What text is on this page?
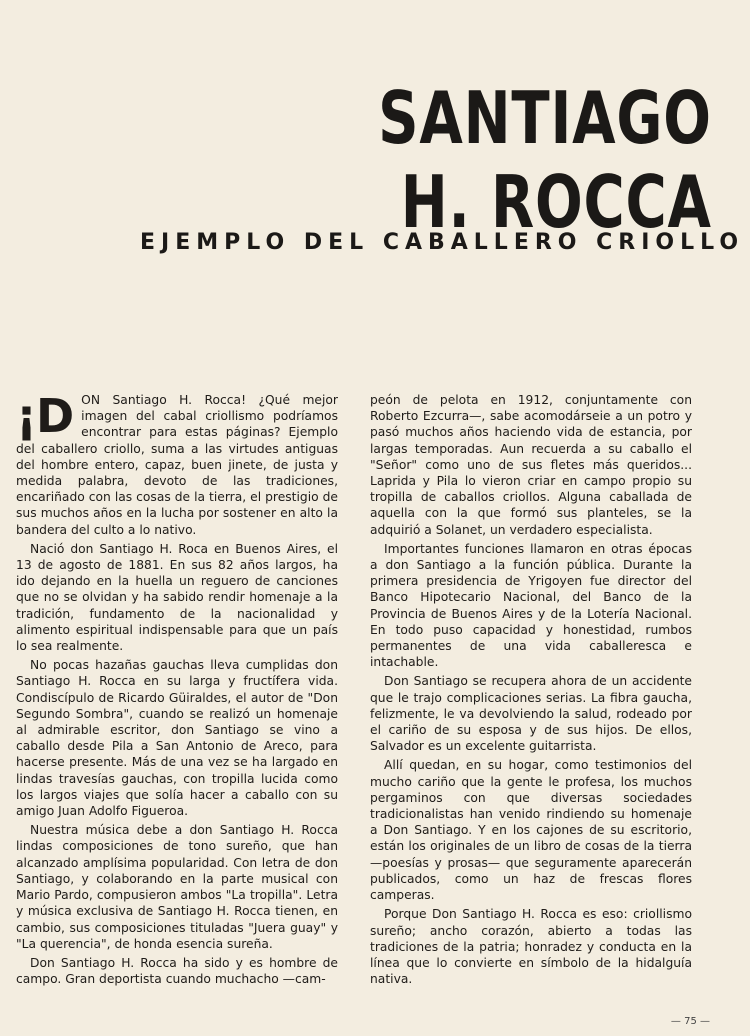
SANTIAGO
H. ROCCA
EJEMPLO DEL CABALLERO CRIOLLO
¡D ON Santiago H. Rocca! ¿Qué mejor imagen del cabal criollismo podríamos encontrar para estas páginas? Ejemplo del caballero criollo, suma a las virtudes antiguas del hombre entero, capaz, buen jinete, de justa y medida palabra, devoto de las tradiciones, encariñado con las cosas de la tierra, el prestigio de sus muchos años en la lucha por sostener en alto la bandera del culto a lo nativo.

Nació don Santiago H. Roca en Buenos Aires, el 13 de agosto de 1881. En sus 82 años largos, ha ido dejando en la huella un reguero de canciones que no se olvidan y ha sabido rendir homenaje a la tradición, fundamento de la nacionalidad y alimento espiritual indispensable para que un país lo sea realmente.

No pocas hazañas gauchas lleva cumplidas don Santiago H. Rocca en su larga y fructífera vida. Condiscípulo de Ricardo Güiraldes, el autor de "Don Segundo Sombra", cuando se realizó un homenaje al admirable escritor, don Santiago se vino a caballo desde Pila a San Antonio de Areco, para hacerse presente. Más de una vez se ha largado en lindas travesías gauchas, con tropilla lucida como los largos viajes que solía hacer a caballo con su amigo Juan Adolfo Figueroa.

Nuestra música debe a don Santiago H. Rocca lindas composiciones de tono sureño, que han alcanzado amplísima popularidad. Con letra de don Santiago, y colaborando en la parte musical con Mario Pardo, compusieron ambos "La tropilla". Letra y música exclusiva de Santiago H. Rocca tienen, en cambio, sus composiciones tituladas "Juera guay" y "La querencia", de honda esencia sureña.

Don Santiago H. Rocca ha sido y es hombre de campo. Gran deportista cuando muchacho —cam-

peón de pelota en 1912, conjuntamente con Roberto Ezcurra—, sabe acomodárseie a un potro y pasó muchos años haciendo vida de estancia, por largas temporadas. Aun recuerda a su caballo el "Señor" como uno de sus fletes más queridos... Laprida y Pila lo vieron criar en campo propio su tropilla de caballos criollos. Alguna caballada de aquella con la que formó sus planteles, se la adquirió a Solanet, un verdadero especialista.

Importantes funciones llamaron en otras épocas a don Santiago a la función pública. Durante la primera presidencia de Yrigoyen fue director del Banco Hipotecario Nacional, del Banco de la Provincia de Buenos Aires y de la Lotería Nacional. En todo puso capacidad y honestidad, rumbos permanentes de una vida caballeresca e intachable.

Don Santiago se recupera ahora de un accidente que le trajo complicaciones serias. La fibra gaucha, felizmente, le va devolviendo la salud, rodeado por el cariño de su esposa y de sus hijos. De ellos, Salvador es un excelente guitarrista.

Allí quedan, en su hogar, como testimonios del mucho cariño que la gente le profesa, los muchos pergaminos con que diversas sociedades tradicionalistas han venido rindiendo su homenaje a Don Santiago. Y en los cajones de su escritorio, están los originales de un libro de cosas de la tierra —poesías y prosas— que seguramente aparecerán publicados, como un haz de frescas flores camperas.

Porque Don Santiago H. Rocca es eso: criollismo sureño; ancho corazón, abierto a todas las tradiciones de la patria; honradez y conducta en la línea que lo convierte en símbolo de la hidalguía nativa.

— 75 —
